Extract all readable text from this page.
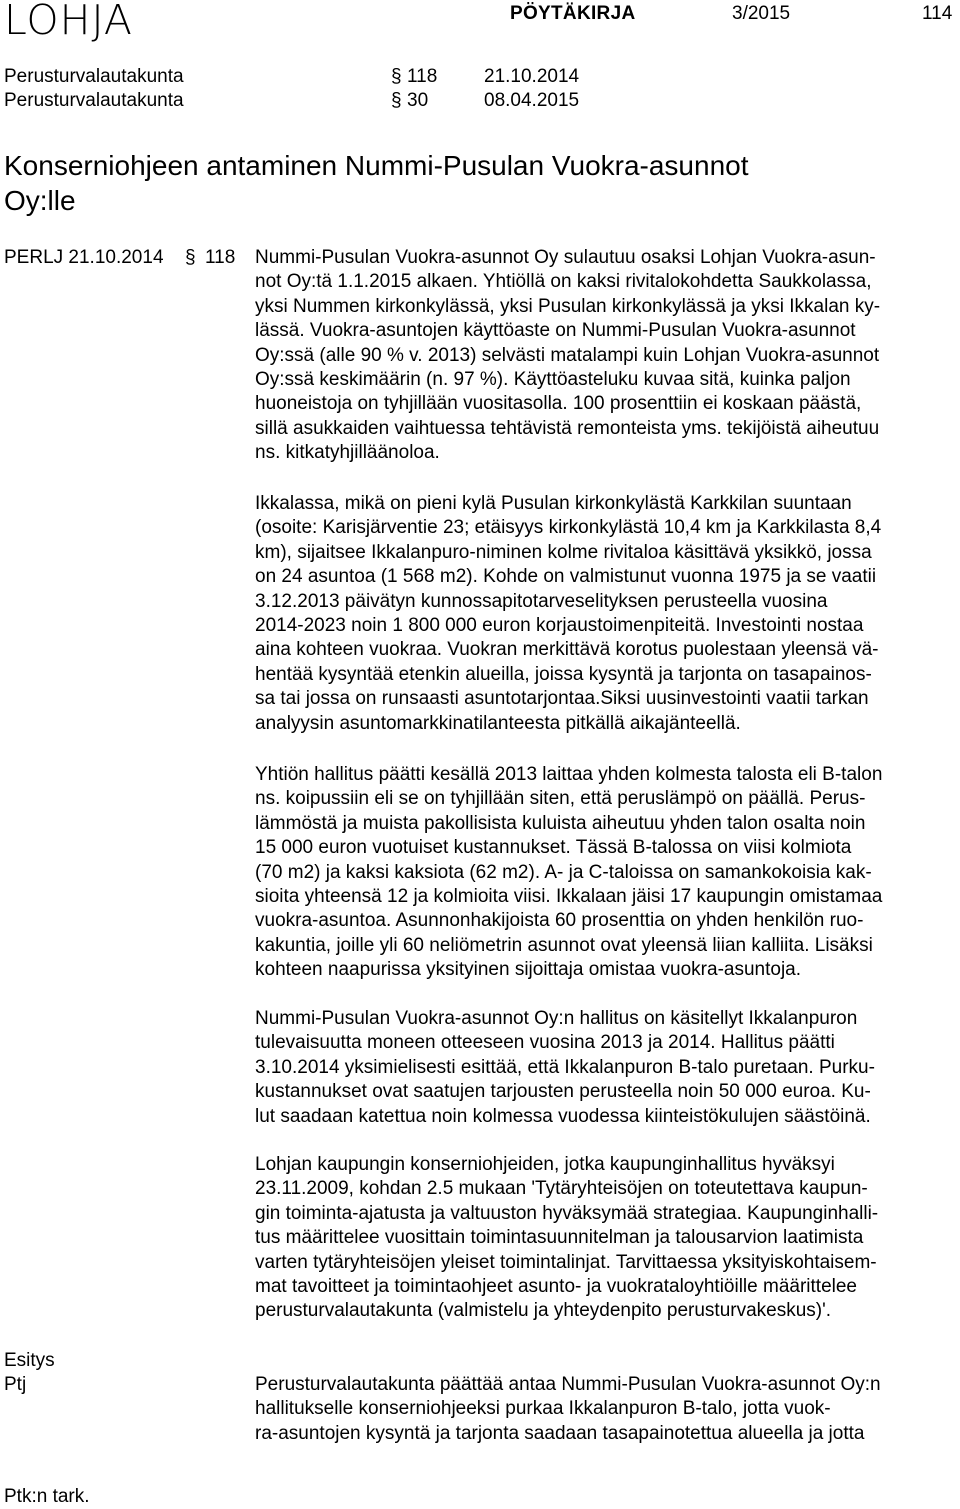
LOHJA	PÖYTÄKIRJA	3/2015	114
Perusturvalautakunta	§ 118 21.10.2014
Perusturvalautakunta	§ 30	08.04.2015
Konserniohjeen antaminen Nummi-Pusulan Vuokra-asunnot
Oy:lle
PERLJ 21.10.2014 § 118 Nummi-Pusulan Vuokra-asunnot Oy sulautuu osaksi Lohjan Vuokra-asun-
not Oy:tä 1.1.2015 alkaen. Yhtiöllä on kaksi rivitalokohdetta Saukkolassa,
yksi Nummen kirkonkylässä, yksi Pusulan kirkonkylässä ja yksi Ikkalan ky-
lässä. Vuokra-asuntojen käyttöaste on Nummi-Pusulan Vuokra-asunnot
Oy:ssä (alle 90 % v. 2013) selvästi matalampi kuin Lohjan Vuokra-asunnot
Oy:ssä keskimäärin (n. 97 %). Käyttöasteluku kuvaa sitä, kuinka paljon
huoneistoja on tyhjillään vuositasolla. 100 prosenttiin ei koskaan päästä,
sillä asukkaiden vaihtuessa tehtävistä remonteista yms. tekijöistä aiheutuu
ns. kitkatyhjilläänoloa.
Ikkalassa, mikä on pieni kylä Pusulan kirkonkylästä Karkkilan suuntaan
(osoite: Karisjärventie 23; etäisyys kirkonkylästä 10,4 km ja Karkkilasta 8,4
km), sijaitsee Ikkalanpuro-niminen kolme rivitaloa käsittävä yksikkö, jossa
on 24 asuntoa (1 568 m2). Kohde on valmistunut vuonna 1975 ja se vaatii
3.12.2013 päivätyn kunnossapitotarveselityksen perusteella vuosina
2014-2023 noin 1 800 000 euron korjaustoimenpiteitä. Investointi nostaa
aina kohteen vuokraa. Vuokran merkittävä korotus puolestaan yleensä vä-
hentää kysyntää etenkin alueilla, joissa kysyntä ja tarjonta on tasapainos-
sa tai jossa on runsaasti asuntotarjontaa.Siksi uusinvestointi vaatii tarkan
analyysin asuntomarkkinatilanteesta pitkällä aikajänteellä.
Yhtiön hallitus päätti kesällä 2013 laittaa yhden kolmesta talosta eli B-talon
ns. koipussiin eli se on tyhjillään siten, että peruslämpö on päällä. Perus-
lämmöstä ja muista pakollisista kuluista aiheutuu yhden talon osalta noin
15 000 euron vuotuiset kustannukset. Tässä B-talossa on viisi kolmiota
(70 m2) ja kaksi kaksiota (62 m2). A- ja C-taloissa on samankokoisia kak-
sioita yhteensä 12 ja kolmioita viisi. Ikkalaan jäisi 17 kaupungin omistamaa
vuokra-asuntoa. Asunnonhakijoista 60 prosenttia on yhden henkilön ruo-
kakuntia, joille yli 60 neliömetrin asunnot ovat yleensä liian kalliita. Lisäksi
kohteen naapurissa yksityinen sijoittaja omistaa vuokra-asuntoja.
Nummi-Pusulan Vuokra-asunnot Oy:n hallitus on käsitellyt Ikkalanpuron
tulevaisuutta moneen otteeseen vuosina 2013 ja 2014. Hallitus päätti
3.10.2014 yksimielisesti esittää, että Ikkalanpuron B-talo puretaan. Purku-
kustannukset ovat saatujen tarjousten perusteella noin 50 000 euroa. Ku-
lut saadaan katettua noin kolmessa vuodessa kiinteistökulujen säästöinä.
Lohjan kaupungin konserniohjeiden, jotka kaupunginhallitus hyväksyi
23.11.2009, kohdan 2.5 mukaan 'Tytäryhteisöjen on toteutettava kaupun-
gin toiminta-ajatusta ja valtuuston hyväksymää strategiaa. Kaupunginhalli-
tus määrittelee vuosittain toimintasuunnitelman ja talousarvion laatimista
varten tytäryhteisöjen yleiset toimintalinjat. Tarvittaessa yksityiskohtaisem-
mat tavoitteet ja toimintaohjeet asunto- ja vuokrataloyhtiöille määrittelee
perusturvalautakunta (valmistelu ja yhteydenpito perusturvakeskus)'.
Perusturvalautakunta päättää antaa Nummi-Pusulan Vuokra-asunnot Oy:n
hallitukselle konserniohjeeksi purkaa Ikkalanpuron B-talo, jotta vuok-
ra-asuntojen kysyntä ja tarjonta saadaan tasapainotettua alueella ja jotta
Esitys
Ptj
Ptk:n tark.
